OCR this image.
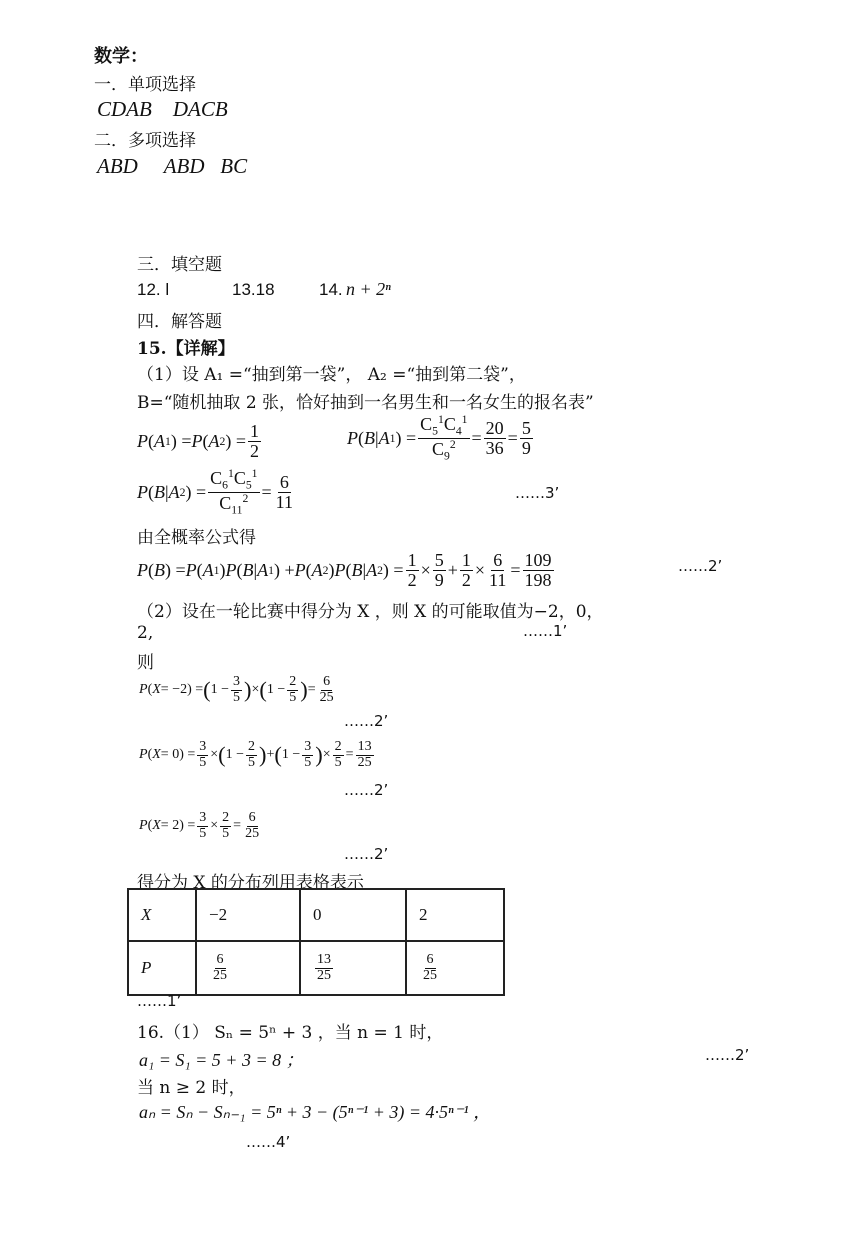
数学：
一．单项选择
CDAB    DACB
二．多项选择
ABD     ABD   BC
三．填空题
12. l	13.18	14. n + 2ⁿ
四．解答题
15.【详解】
（1）设 A₁ =“抽到第一袋”， A₂ =“抽到第二袋”，
B=“随机抽取 2 张，恰好抽到一名男生和一名女生的报名表”
P ( A 1 ) = P ( A 2 ) = $\frac{1}{2}$	P ( B | A 1 ) = $\frac{C_5^1C_4^1}{C_9^2} = \frac{20}{36} = \frac{5}{9}$
P ( B | A 2 ) = $\frac{C_6^1C_5^1}{C_{11}^2} = \frac{6}{11}$	……3’
由全概率公式得
P ( B ) = P ( A 1 ) P ( B | A 1 ) + P ( A 2 ) P ( B | A 2 ) = $\frac{1}{2} \times \frac{5}{9} + \frac{1}{2} \times \frac{6}{11} = \frac{109}{198}$	……2’
（2）设在一轮比赛中得分为 X ，则 X 的可能取值为−2，0，
2,	……1’
则
P ( X = −2) = ( $1 - \frac{3}{5}$ ) × ( $1 - \frac{2}{5}$ ) = $\frac{6}{25}$
……2’
P ( $X = 0) = \frac{3}{5}$ × ( $1 - \frac{2}{5}$ ) + ( $1 - \frac{3}{5}$ ) × $\frac{2}{5} = \frac{13}{25}$
……2’
P ( $X = 2) = \frac{3}{5} \times \frac{2}{5} = \frac{6}{25}$
……2’
得分为 X 的分布列用表格表示
X	−2	0	2
P	$\frac{6}{25}$	$\frac{13}{25}$	$\frac{6}{25}$
……1’
16.（1） Sₙ = 5ⁿ + 3 ，当 n = 1 时，
a₁ = S₁ = 5 + 3 = 8 ；	……2’
当 n ≥ 2 时，
aₙ = Sₙ − Sₙ₋₁ = 5ⁿ + 3 − (5ⁿ⁻¹ + 3) = 4·5ⁿ⁻¹ ，
……4’
